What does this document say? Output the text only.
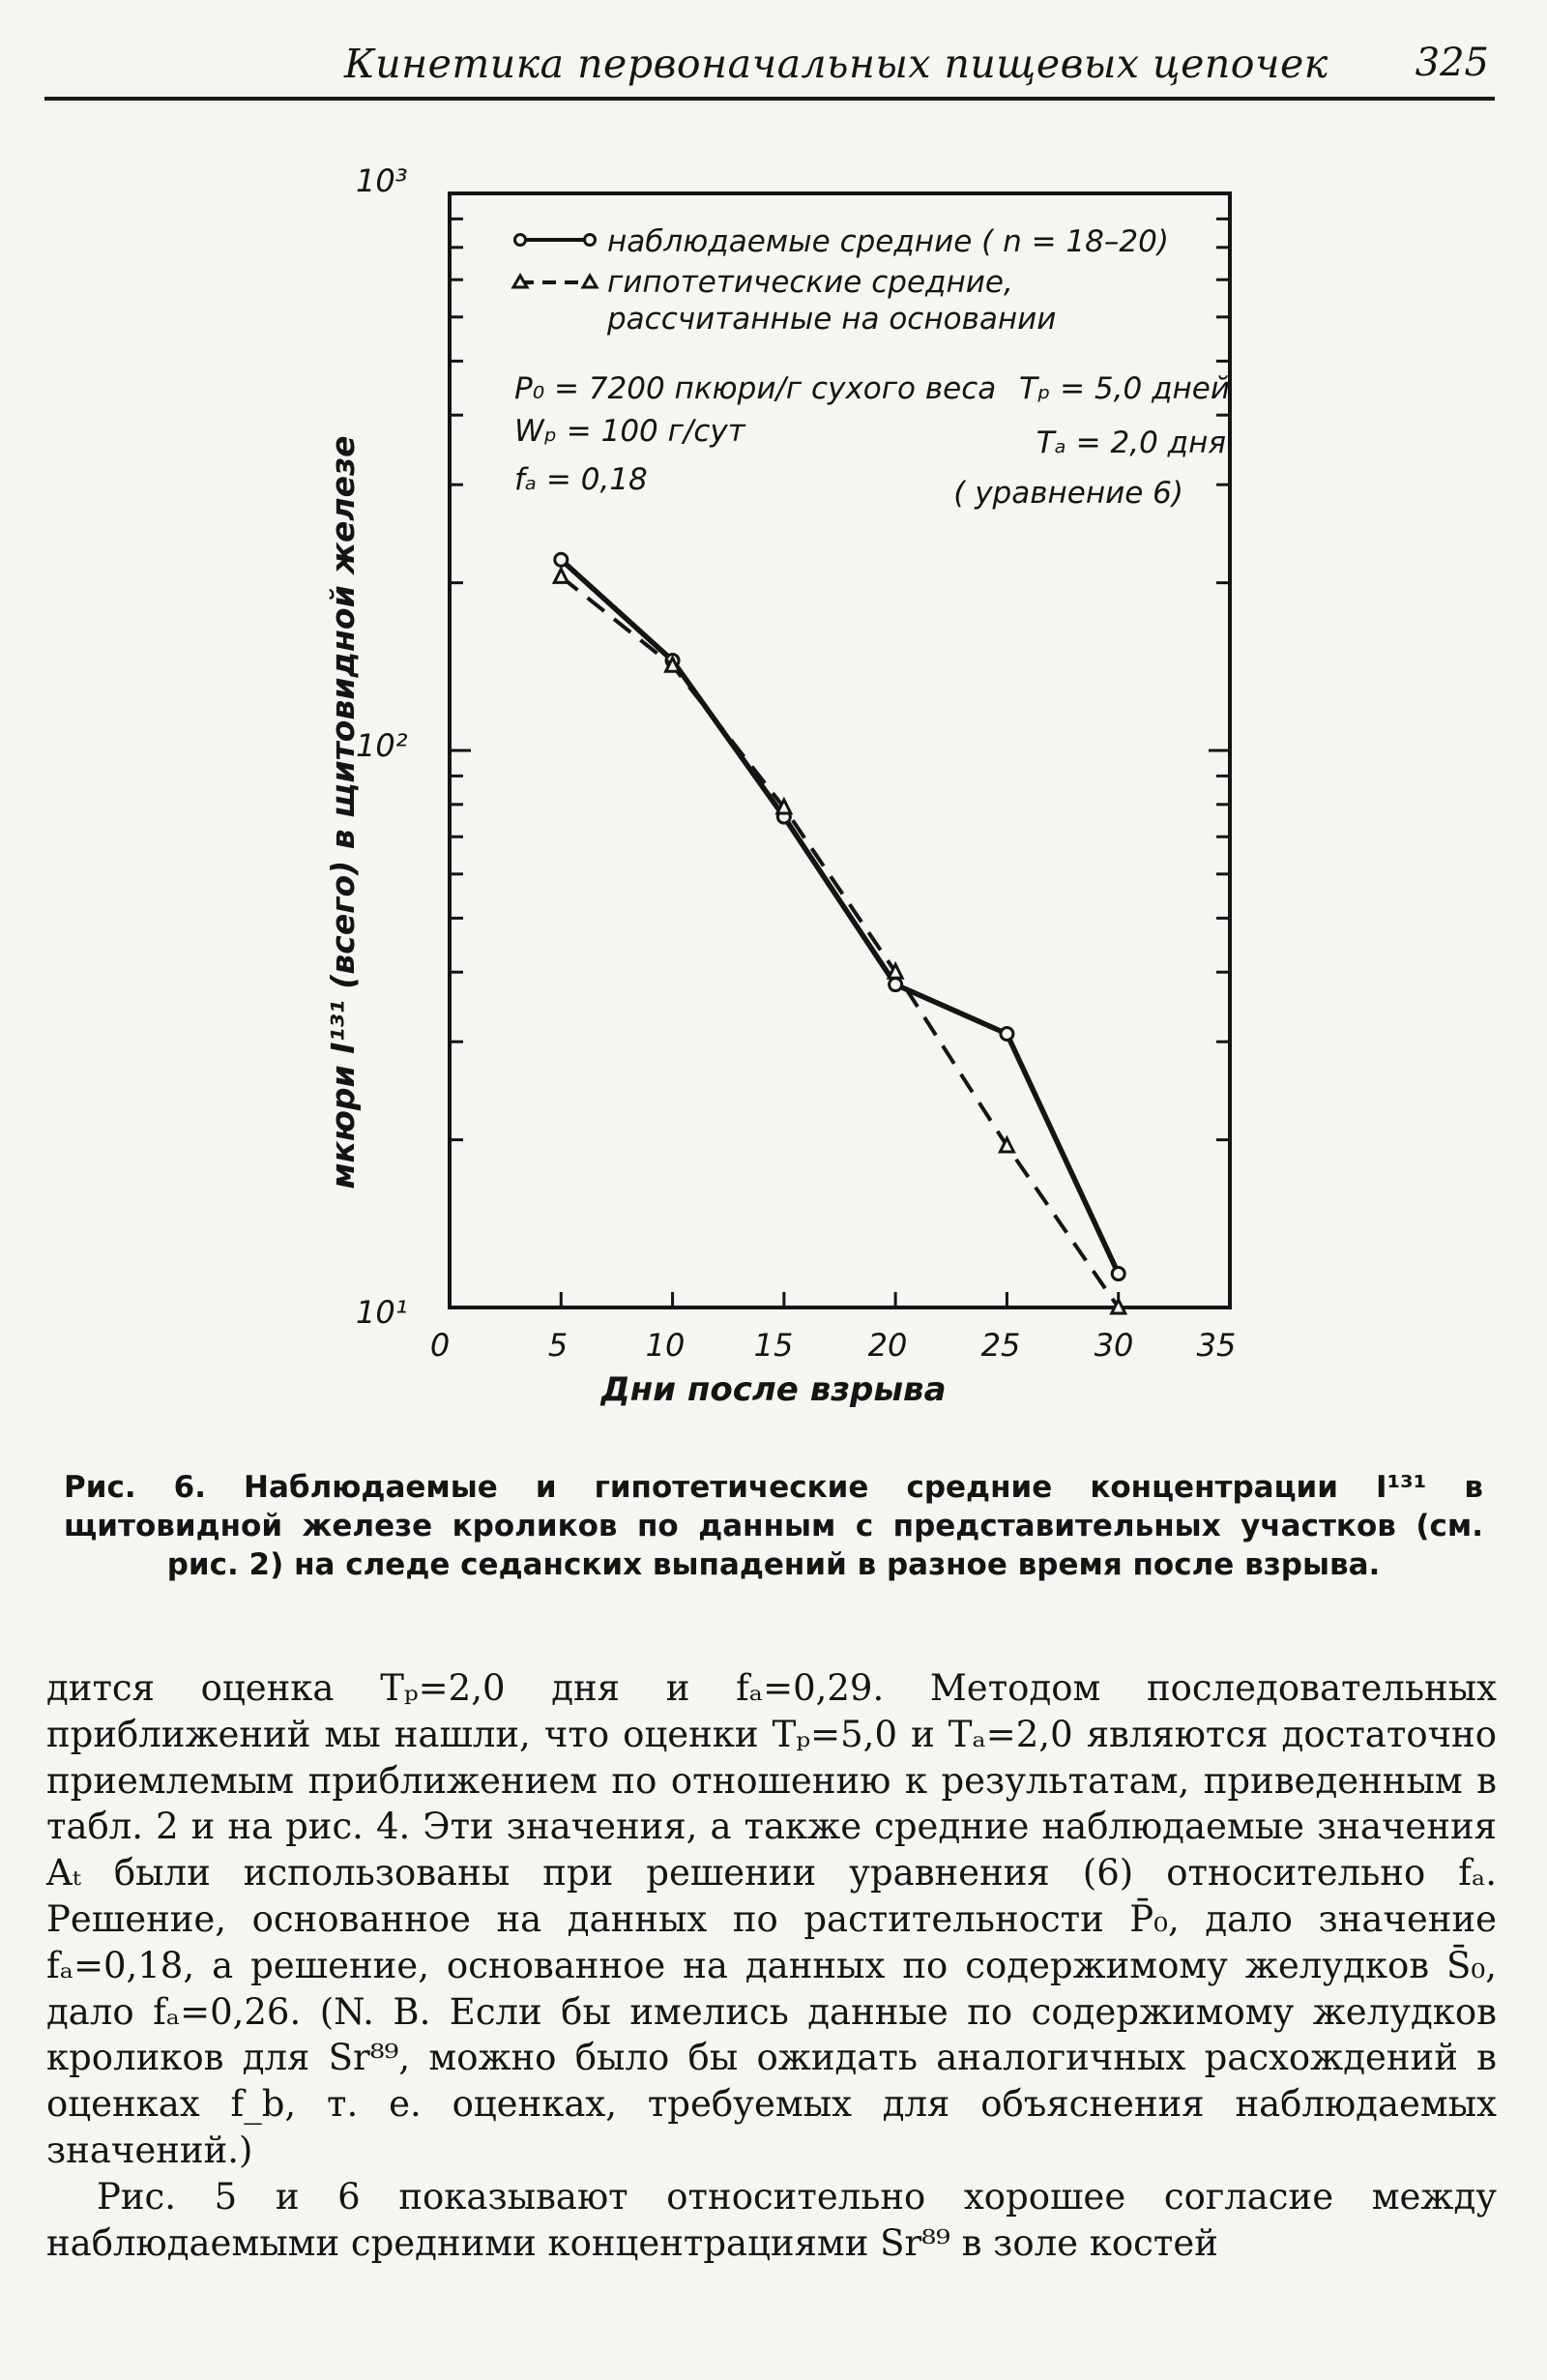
Кинетика первоначальных пищевых цепочек 325
10³
10²
10¹
0	5	10 15 20 25 30 35
Дни после взрыва
мкюри I¹³¹ (всего) в щитовидной железе
наблюдаемые средние ( n = 18–20)
гипотетические средние,
рассчитанные на основании
P₀ = 7200 пкюри/г сухого веса Tₚ = 5,0 дней
Wₚ = 100 г/сут	Tₐ = 2,0 дня
fₐ = 0,18	( уравнение 6)

Рис. 6. Наблюдаемые и гипотетические средние концентрации I¹³¹ в щитовидной железе кроликов по данным с представительных участков (см. рис. 2) на следе седанских выпадений в разное время после взрыва.

дится оценка Tₚ=2,0 дня и fₐ=0,29. Методом последовательных приближений мы нашли, что оценки Tₚ=5,0 и Tₐ=2,0 являются достаточно приемлемым приближением по отношению к результатам, приведенным в табл. 2 и на рис. 4. Эти значения, а также средние наблюдаемые значения Aₜ были использованы при решении уравнения (6) относительно fₐ. Решение, основанное на данных по растительности P̄₀, дало значение fₐ=0,18, а решение, основанное на данных по содержимому желудков S̄₀, дало fₐ=0,26. (N. B. Если бы имелись данные по содержимому желудков кроликов для Sr⁸⁹, можно было бы ожидать аналогичных расхождений в оценках f_b, т. е. оценках, требуемых для объяснения наблюдаемых значений.)

Рис. 5 и 6 показывают относительно хорошее согласие между наблюдаемыми средними концентрациями Sr⁸⁹ в золе костей
